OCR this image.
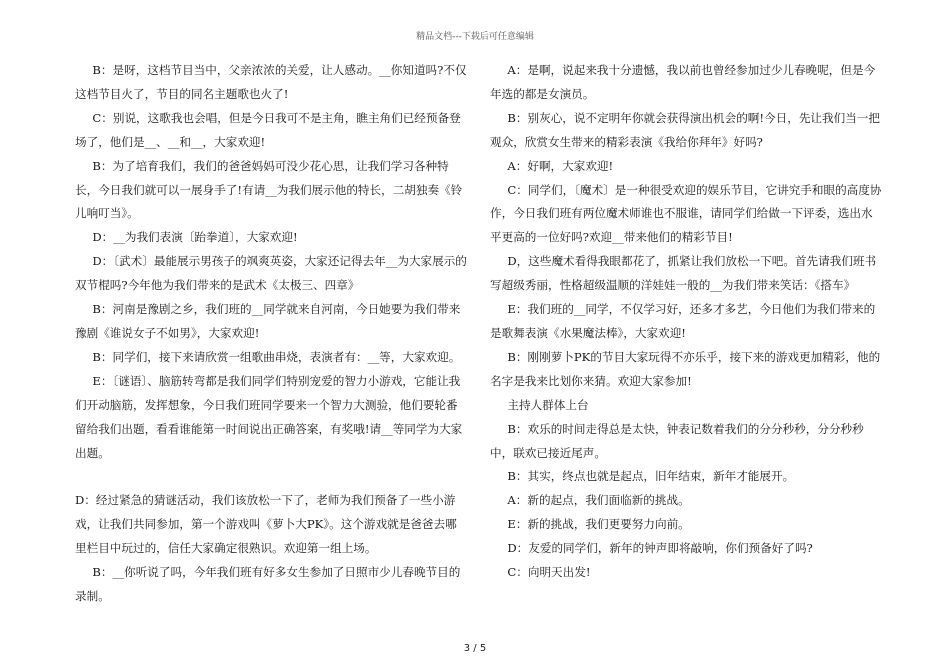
精品文档---下载后可任意编辑

B：是呀，这档节目当中，父亲浓浓的关爱，让人感动。__你知道吗?不仅这档节目火了，节目的同名主题歌也火了!

C：别说，这歌我也会唱，但是今日我可不是主角，瞧主角们已经预备登场了，他们是__、__和__，大家欢迎!

B：为了培育我们，我们的爸爸妈妈可没少花心思，让我们学习各种特长，今日我们就可以一展身手了!有请__为我们展示他的特长，二胡独奏《铃儿响叮当》。

D：__为我们表演〔跆拳道〕，大家欢迎!

D：〔武术〕最能展示男孩子的飒爽英姿，大家还记得去年__为大家展示的双节棍吗?今年他为我们带来的是武术《太极三、四章》

B：河南是豫剧之乡，我们班的__同学就来自河南，今日她要为我们带来豫剧《谁说女子不如男》，大家欢迎!

B：同学们，接下来请欣赏一组歌曲串烧，表演者有：__等，大家欢迎。

E：〔谜语〕、脑筋转弯都是我们同学们特别宠爱的智力小游戏，它能让我们开动脑筋，发挥想象，今日我们班同学要来一个智力大测验，他们要轮番留给我们出题，看看谁能第一时间说出正确答案，有奖哦!请__等同学为大家出题。

D：经过紧急的猜谜活动，我们该放松一下了，老师为我们预备了一些小游戏，让我们共同参加，第一个游戏叫《萝卜大PK》。这个游戏就是爸爸去哪里栏目中玩过的，信任大家确定很熟识。欢迎第一组上场。

B：__你听说了吗，今年我们班有好多女生参加了日照市少儿春晚节目的录制。

A：是啊，说起来我十分遗憾，我以前也曾经参加过少儿春晚呢，但是今年选的都是女演员。

B：别灰心，说不定明年你就会获得演出机会的啊!今日，先让我们当一把观众，欣赏女生带来的精彩表演《我给你拜年》好吗?

A：好啊，大家欢迎!

C：同学们，〔魔术〕是一种很受欢迎的娱乐节目，它讲究手和眼的高度协作，今日我们班有两位魔术师谁也不服谁，请同学们给做一下评委，选出水平更高的一位好吗?欢迎__带来他们的精彩节目!

D，这些魔术看得我眼都花了，抓紧让我们放松一下吧。首先请我们班书写超级秀丽，性格超级温顺的洋娃娃一般的__为我们带来笑话：《搭车》

E：我们班的__同学，不仅学习好，还多才多艺，今日他们为我们带来的是歌舞表演《水果魔法棒》，大家欢迎!

B：刚刚萝卜PK的节目大家玩得不亦乐乎，接下来的游戏更加精彩，他的名字是我来比划你来猜。欢迎大家参加!

主持人群体上台

B：欢乐的时间走得总是太快，钟表记数着我们的分分秒秒，分分秒秒中，联欢已接近尾声。

B：其实，终点也就是起点，旧年结束，新年才能展开。

A：新的起点，我们面临新的挑战。

E：新的挑战，我们更要努力向前。

D：友爱的同学们，新年的钟声即将敲响，你们预备好了吗?

C：向明天出发!

3 / 5
